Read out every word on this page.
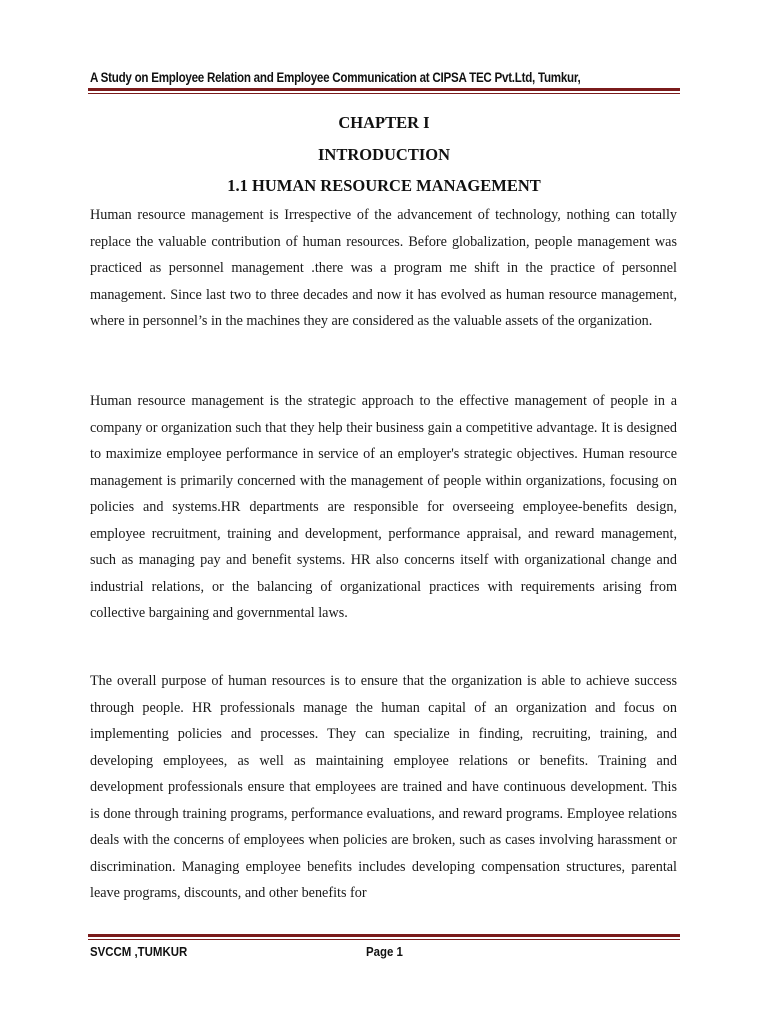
A Study on Employee Relation and Employee Communication at CIPSA TEC Pvt.Ltd, Tumkur,
CHAPTER I
INTRODUCTION
1.1 HUMAN RESOURCE MANAGEMENT

Human resource management is Irrespective of the advancement of technology, nothing can totally replace the valuable contribution of human resources. Before globalization, people management was practiced as personnel management .there was a program me shift in the practice of personnel management. Since last two to three decades and now it has evolved as human resource management, where in personnel’s in the machines they are considered as the valuable assets of the organization.

Human resource management is the strategic approach to the effective management of people in a company or organization such that they help their business gain a competitive advantage. It is designed to maximize employee performance in service of an employer's strategic objectives. Human resource management is primarily concerned with the management of people within organizations, focusing on policies and systems.HR departments are responsible for overseeing employee-benefits design, employee recruitment, training and development, performance appraisal, and reward management, such as managing pay and benefit systems. HR also concerns itself with organizational change and industrial relations, or the balancing of organizational practices with requirements arising from collective bargaining and governmental laws.

The overall purpose of human resources is to ensure that the organization is able to achieve success through people. HR professionals manage the human capital of an organization and focus on implementing policies and processes. They can specialize in finding, recruiting, training, and developing employees, as well as maintaining employee relations or benefits. Training and development professionals ensure that employees are trained and have continuous development. This is done through training programs, performance evaluations, and reward programs. Employee relations deals with the concerns of employees when policies are broken, such as cases involving harassment or discrimination. Managing employee benefits includes developing compensation structures, parental leave programs, discounts, and other benefits for

SVCCM ,TUMKUR	Page 1
